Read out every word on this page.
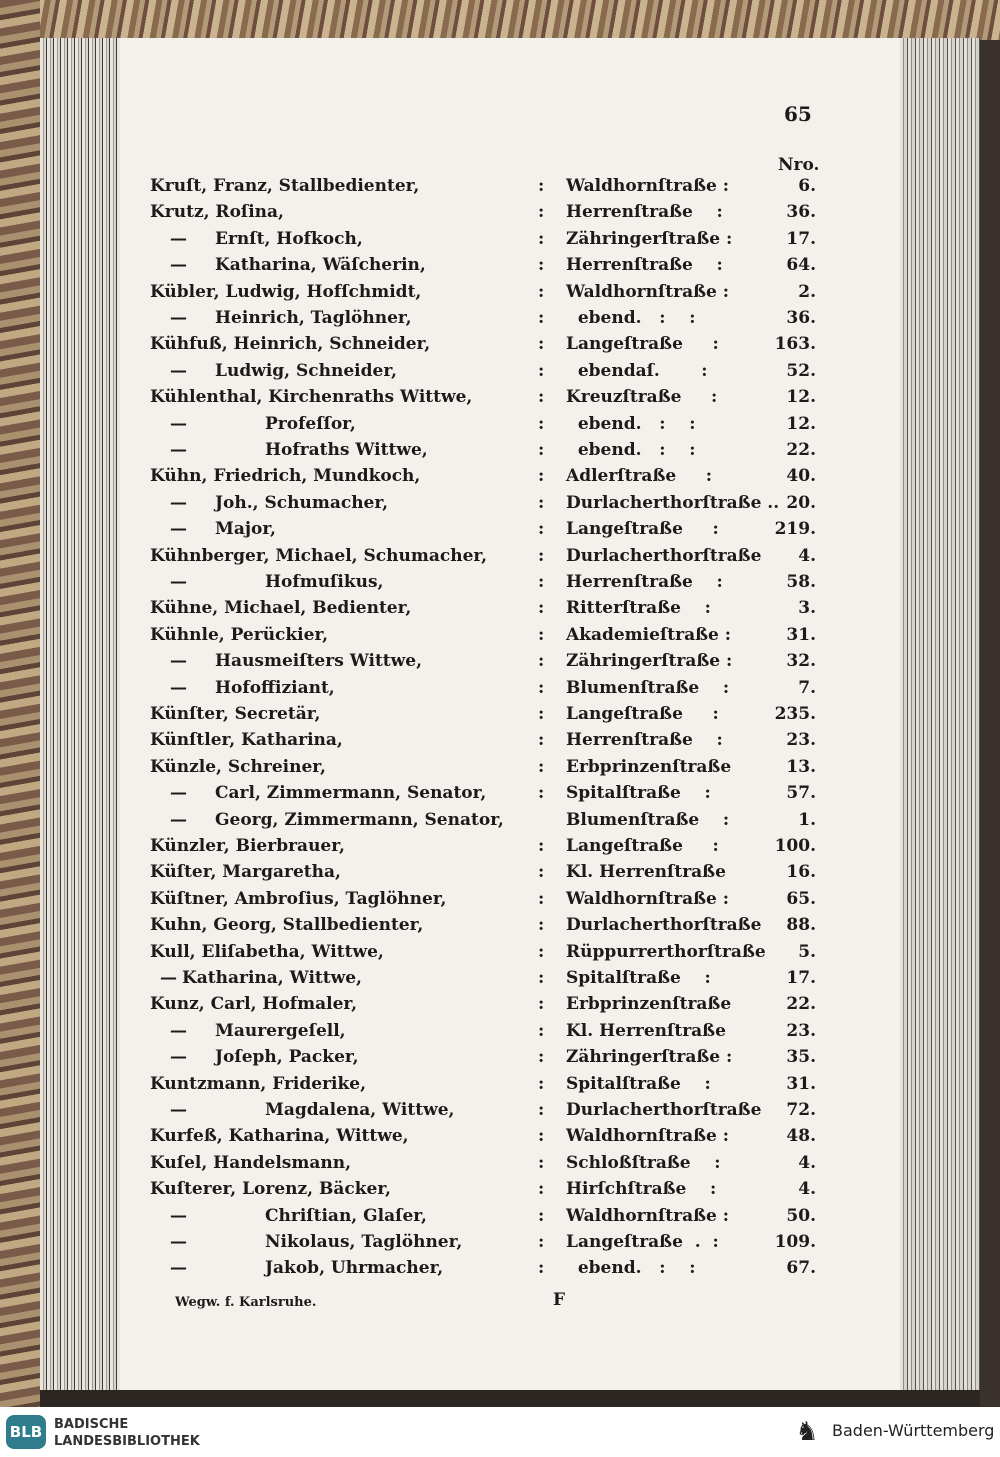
65
Nro.
Kruſt, Franz, Stallbedienter,	: Waldhornſtraße :	6.
Krutz, Roſina,	: Herrenſtraße    :	36.
— Ernſt, Hofkoch,	: Zähringerſtraße :	17.
— Katharina, Wäſcherin,	: Herrenſtraße    :	64.
Kübler, Ludwig, Hofſchmidt,	: Waldhornſtraße :	2.
— Heinrich, Taglöhner,	: ebend.   :    :	36.
Kühfuß, Heinrich, Schneider,	: Langeſtraße     :	163.
— Ludwig, Schneider,	: ebendaſ.       :	52.
Kühlenthal, Kirchenraths Wittwe,	: Kreuzſtraße     :	12.
—	Profeſſor,	: ebend.   :    :	12.
—	Hofraths Wittwe,	: ebend.   :    :	22.
Kühn, Friedrich, Mundkoch,	: Adlerſtraße     :	40.
— Joh., Schumacher,	: Durlacherthorſtraße .. 20.
— Major,	: Langeſtraße     :	219.
Kühnberger, Michael, Schumacher,	: Durlacherthorſtraße 4.
—	Hofmuſikus,	: Herrenſtraße    :	58.
Kühne, Michael, Bedienter,	: Ritterſtraße    :	3.
Kühnle, Perückier,	: Akademieſtraße :	31.
— Hausmeiſters Wittwe,	: Zähringerſtraße :	32.
— Hofoffiziant,	: Blumenſtraße    :	7.
Künſter, Secretär,	: Langeſtraße     :	235.
Künſtler, Katharina,	: Herrenſtraße    :	23.
Künzle, Schreiner,	: Erbprinzenſtraße	13.
— Carl, Zimmermann, Senator,	: Spitalſtraße    :	57.
— Georg, Zimmermann, Senator,	Blumenſtraße    :	1.
Künzler, Bierbrauer,	: Langeſtraße     :	100.
Küſter, Margaretha,	: Kl. Herrenſtraße	16.
Küſtner, Ambroſius, Taglöhner,	: Waldhornſtraße :	65.
Kuhn, Georg, Stallbedienter,	: Durlacherthorſtraße 88.
Kull, Eliſabetha, Wittwe,	: Rüppurrerthorſtraße 5.
— Katharina, Wittwe,	: Spitalſtraße    :	17.
Kunz, Carl, Hofmaler,	: Erbprinzenſtraße	22.
— Maurergeſell,	: Kl. Herrenſtraße	23.
— Joſeph, Packer,	: Zähringerſtraße :	35.
Kuntzmann, Friderike,	: Spitalſtraße    :	31.
—	Magdalena, Wittwe,	: Durlacherthorſtraße 72.
Kurfeß, Katharina, Wittwe,	: Waldhornſtraße :	48.
Kuſel, Handelsmann,	: Schloßſtraße    :	4.
Kuſterer, Lorenz, Bäcker,	: Hirſchſtraße    :	4.
—	Chriſtian, Glaſer,	: Waldhornſtraße :	50.
—	Nikolaus, Taglöhner,	: Langeſtraße  .  :	109.
—	Jakob, Uhrmacher,	: ebend.   :    :	67.
Wegw. f. Karlsruhe.	F
BLB BADISCHE
LANDESBIBLIOTHEK	♞ Baden-Württemberg
